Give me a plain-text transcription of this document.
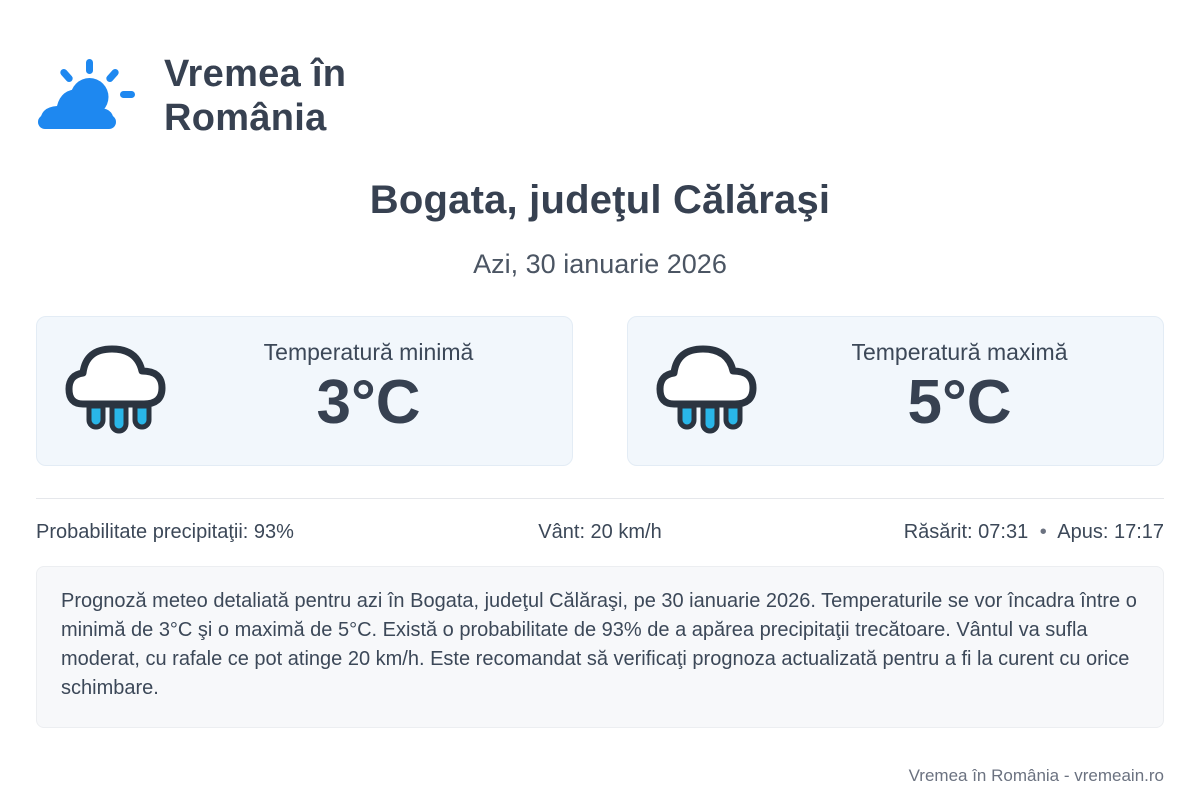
Vremea în
România
Bogata, judeţul Călăraşi
Azi, 30 ianuarie 2026
Temperatură minimă
3°C
Temperatură maximă
5°C
Probabilitate precipitaţii: 93%	Vânt: 20 km/h	Răsărit: 07:31 • Apus: 17:17
Prognoză meteo detaliată pentru azi în Bogata, judeţul Călăraşi, pe 30 ianuarie 2026. Temperaturile se vor încadra între o minimă de 3°C şi o maximă de 5°C. Există o probabilitate de 93% de a apărea precipitaţii trecătoare. Vântul va sufla moderat, cu rafale ce pot atinge 20 km/h. Este recomandat să verificaţi prognoza actualizată pentru a fi la curent cu orice schimbare.
Vremea în România - vremeain.ro
